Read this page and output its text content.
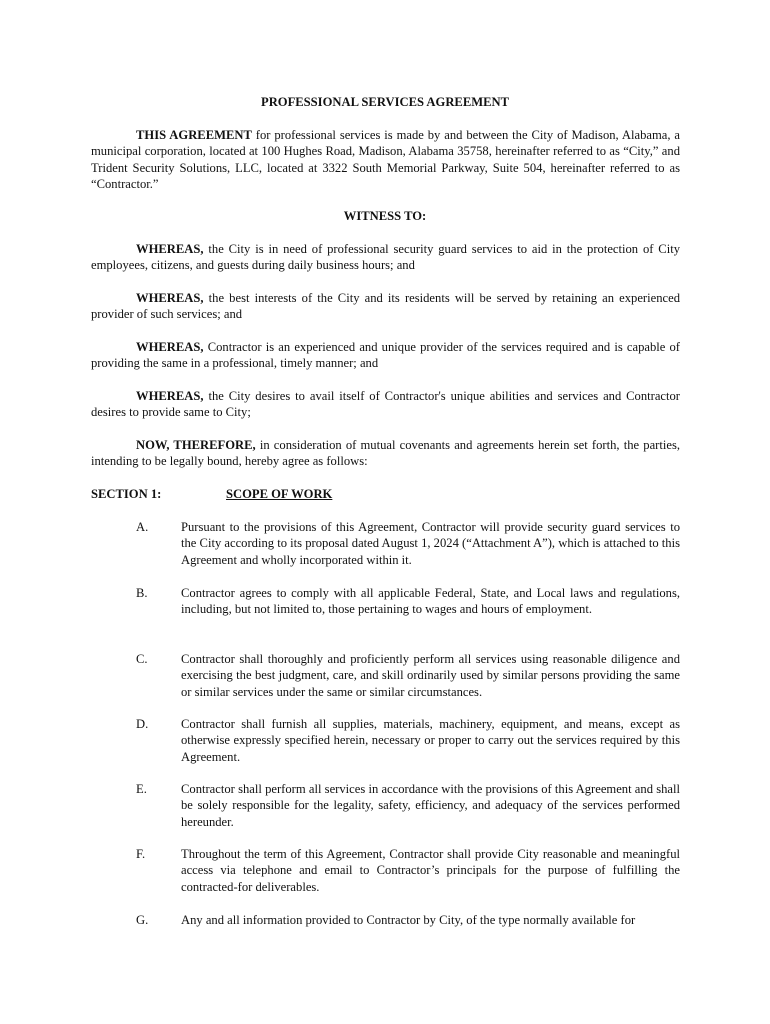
PROFESSIONAL SERVICES AGREEMENT

THIS AGREEMENT for professional services is made by and between the City of Madison, Alabama, a municipal corporation, located at 100 Hughes Road, Madison, Alabama 35758, hereinafter referred to as “City,” and Trident Security Solutions, LLC, located at 3322 South Memorial Parkway, Suite 504, hereinafter referred to as “Contractor.”

WITNESS TO:

WHEREAS, the City is in need of professional security guard services to aid in the protection of City employees, citizens, and guests during daily business hours; and

WHEREAS, the best interests of the City and its residents will be served by retaining an experienced provider of such services; and

WHEREAS, Contractor is an experienced and unique provider of the services required and is capable of providing the same in a professional, timely manner; and

WHEREAS, the City desires to avail itself of Contractor's unique abilities and services and Contractor desires to provide same to City;

NOW, THEREFORE, in consideration of mutual covenants and agreements herein set forth, the parties, intending to be legally bound, hereby agree as follows:

SECTION 1:	SCOPE OF WORK
A.	Pursuant to the provisions of this Agreement, Contractor will provide security guard services to the City according to its proposal dated August 1, 2024 (“Attachment A”), which is attached to this Agreement and wholly incorporated within it.

B.	Contractor agrees to comply with all applicable Federal, State, and Local laws and regulations, including, but not limited to, those pertaining to wages and hours of employment.

C.	Contractor shall thoroughly and proficiently perform all services using reasonable diligence and exercising the best judgment, care, and skill ordinarily used by similar persons providing the same or similar services under the same or similar circumstances.

D.	Contractor shall furnish all supplies, materials, machinery, equipment, and means, except as otherwise expressly specified herein, necessary or proper to carry out the services required by this Agreement.

E.	Contractor shall perform all services in accordance with the provisions of this Agreement and shall be solely responsible for the legality, safety, efficiency, and adequacy of the services performed hereunder.

F.	Throughout the term of this Agreement, Contractor shall provide City reasonable and meaningful access via telephone and email to Contractor’s principals for the purpose of fulfilling the contracted-for deliverables.

G.	Any and all information provided to Contractor by City, of the type normally available for
